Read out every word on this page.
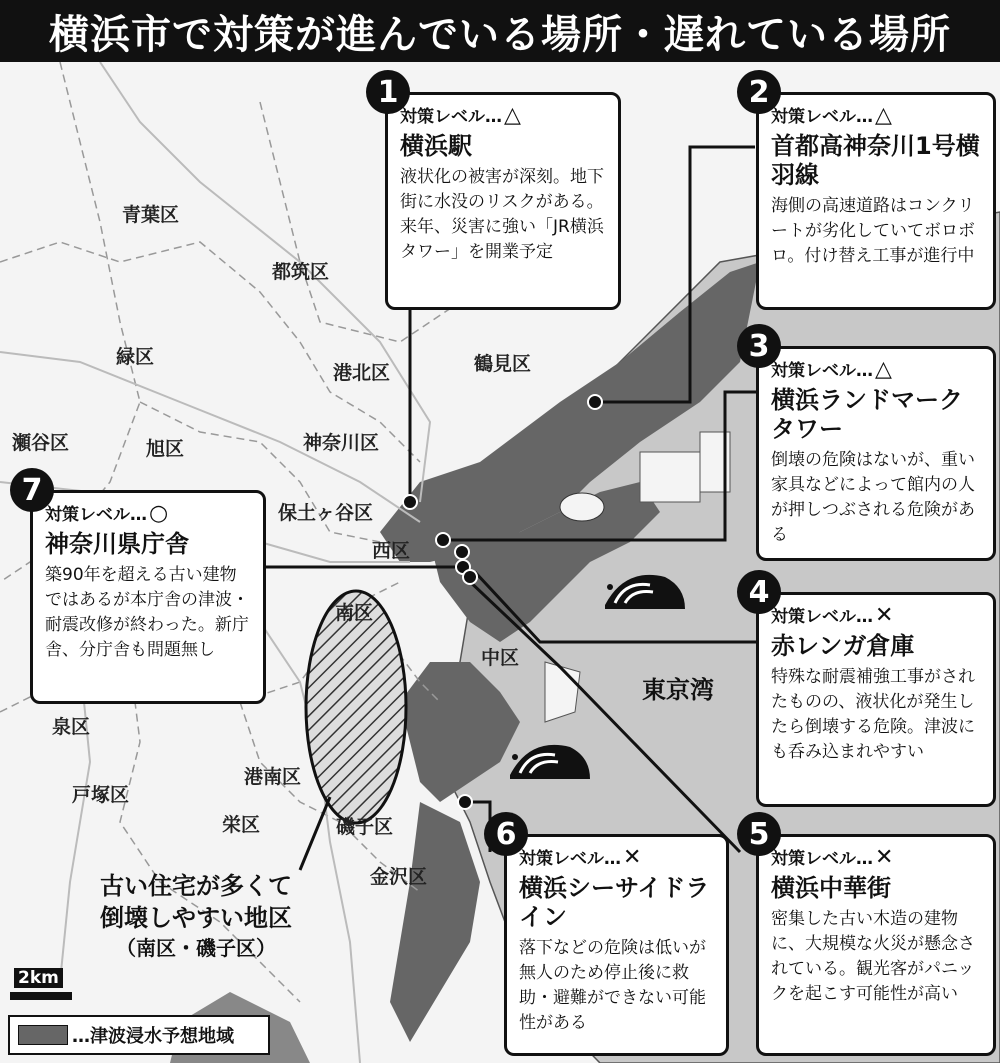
横浜市で対策が進んでいる場所・遅れている場所
青葉区
都筑区
緑区
港北区	鶴見区
瀬谷区	旭区	神奈川区
保土ヶ谷区
西区
南区
中区
泉区
港南区
戸塚区
栄区	磯子区
金沢区
東京湾
1
対策レベル…△
横浜駅
液状化の被害が深刻。地下街に水没のリスクがある。来年、災害に強い「JR横浜タワー」を開業予定
2
対策レベル…△
首都高神奈川1号横羽線
海側の高速道路はコンクリートが劣化していてボロボロ。付け替え工事が進行中
3
対策レベル…△
横浜ランドマークタワー
倒壊の危険はないが、重い家具などによって館内の人が押しつぶされる危険がある
4
対策レベル…✕
赤レンガ倉庫
特殊な耐震補強工事がされたものの、液状化が発生したら倒壊する危険。津波にも呑み込まれやすい
5
対策レベル…✕
横浜中華街
密集した古い木造の建物に、大規模な火災が懸念されている。観光客がパニックを起こす可能性が高い
6
対策レベル…✕
横浜シーサイドライン
落下などの危険は低いが無人のため停止後に救助・避難ができない可能性がある
7
対策レベル…○
神奈川県庁舎
築90年を超える古い建物ではあるが本庁舎の津波・耐震改修が終わった。新庁舎、分庁舎も問題無し
古い住宅が多くて
倒壊しやすい地区
（南区・磯子区）
2km
…津波浸水予想地域
